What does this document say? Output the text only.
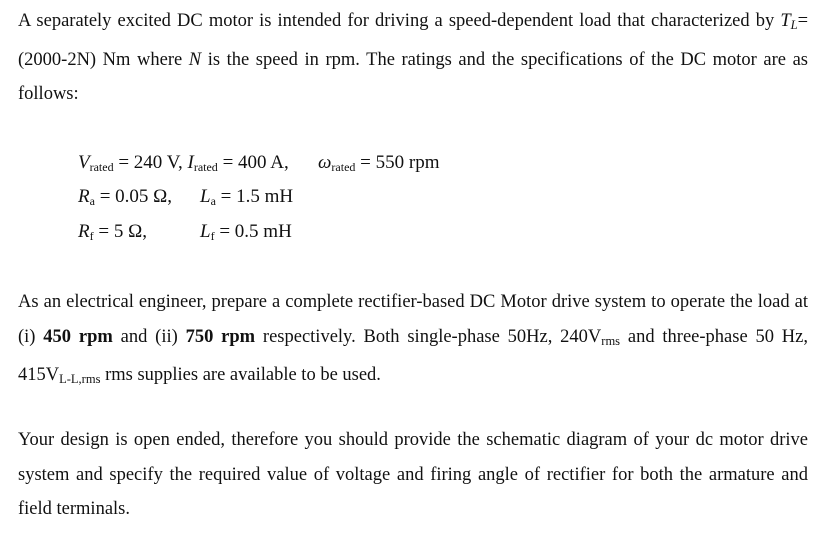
A separately excited DC motor is intended for driving a speed-dependent load that characterized by $T_L=(2000-2N)$ Nm where N is the speed in rpm. The ratings and the specifications of the DC motor are as follows:
$V_{rated} = 240$ V, $I_{rated} = 400$ A, $\omega_{rated} = 550$ rpm
$R_a = 0.05$ Ω, $L_a = 1.5$ mH
$R_f = 5$ Ω,	$L_f = 0.5$ mH
As an electrical engineer, prepare a complete rectifier-based DC Motor drive system to operate the load at (i) 450 rpm and (ii) 750 rpm respectively. Both single-phase 50Hz, $240V_{rms}$ and three-phase 50 Hz, $415V_{L-L,rms}$ rms supplies are available to be used.
Your design is open ended, therefore you should provide the schematic diagram of your dc motor drive system and specify the required value of voltage and firing angle of rectifier for both the armature and field terminals.
